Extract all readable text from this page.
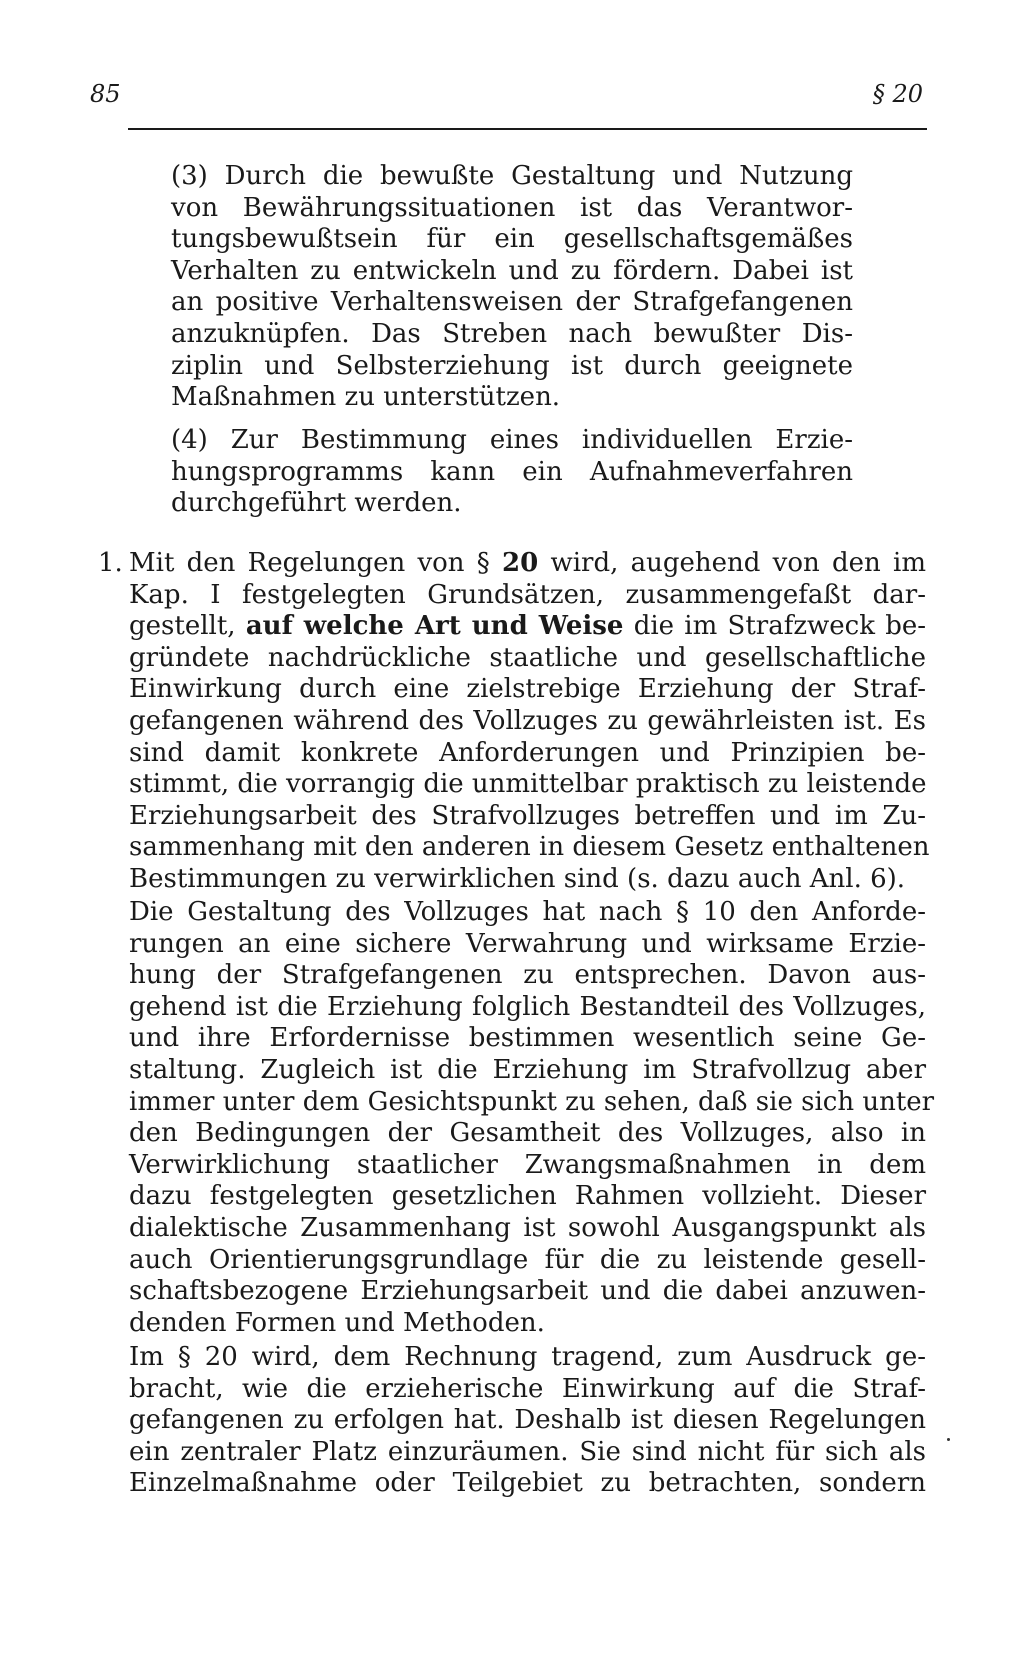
85	§ 20
(3) Durch die bewußte Gestaltung und Nutzung
von Bewährungssituationen ist das Verantwor-
tungsbewußtsein für ein gesellschaftsgemäßes
Verhalten zu entwickeln und zu fördern. Dabei ist
an positive Verhaltensweisen der Strafgefangenen
anzuknüpfen. Das Streben nach bewußter Dis-
ziplin und Selbsterziehung ist durch geeignete
Maßnahmen zu unterstützen.
(4) Zur Bestimmung eines individuellen Erzie-
hungsprogramms kann ein Aufnahmeverfahren
durchgeführt werden.
1. Mit den Regelungen von § 20 wird, augehend von den im
Kap. I festgelegten Grundsätzen, zusammengefaßt dar-
gestellt, auf welche Art und Weise die im Strafzweck be-
gründete nachdrückliche staatliche und gesellschaftliche
Einwirkung durch eine zielstrebige Erziehung der Straf-
gefangenen während des Vollzuges zu gewährleisten ist. Es
sind damit konkrete Anforderungen und Prinzipien be-
stimmt, die vorrangig die unmittelbar praktisch zu leistende
Erziehungsarbeit des Strafvollzuges betreffen und im Zu-
sammenhang mit den anderen in diesem Gesetz enthaltenen
Bestimmungen zu verwirklichen sind (s. dazu auch Anl. 6).
Die Gestaltung des Vollzuges hat nach § 10 den Anforde-
rungen an eine sichere Verwahrung und wirksame Erzie-
hung der Strafgefangenen zu entsprechen. Davon aus-
gehend ist die Erziehung folglich Bestandteil des Vollzuges,
und ihre Erfordernisse bestimmen wesentlich seine Ge-
staltung. Zugleich ist die Erziehung im Strafvollzug aber
immer unter dem Gesichtspunkt zu sehen, daß sie sich unter
den Bedingungen der Gesamtheit des Vollzuges, also in
Verwirklichung staatlicher Zwangsmaßnahmen in dem
dazu festgelegten gesetzlichen Rahmen vollzieht. Dieser
dialektische Zusammenhang ist sowohl Ausgangspunkt als
auch Orientierungsgrundlage für die zu leistende gesell-
schaftsbezogene Erziehungsarbeit und die dabei anzuwen-
denden Formen und Methoden.
Im § 20 wird, dem Rechnung tragend, zum Ausdruck ge-
bracht, wie die erzieherische Einwirkung auf die Straf-
gefangenen zu erfolgen hat. Deshalb ist diesen Regelungen
ein zentraler Platz einzuräumen. Sie sind nicht für sich als
Einzelmaßnahme oder Teilgebiet zu betrachten, sondern
